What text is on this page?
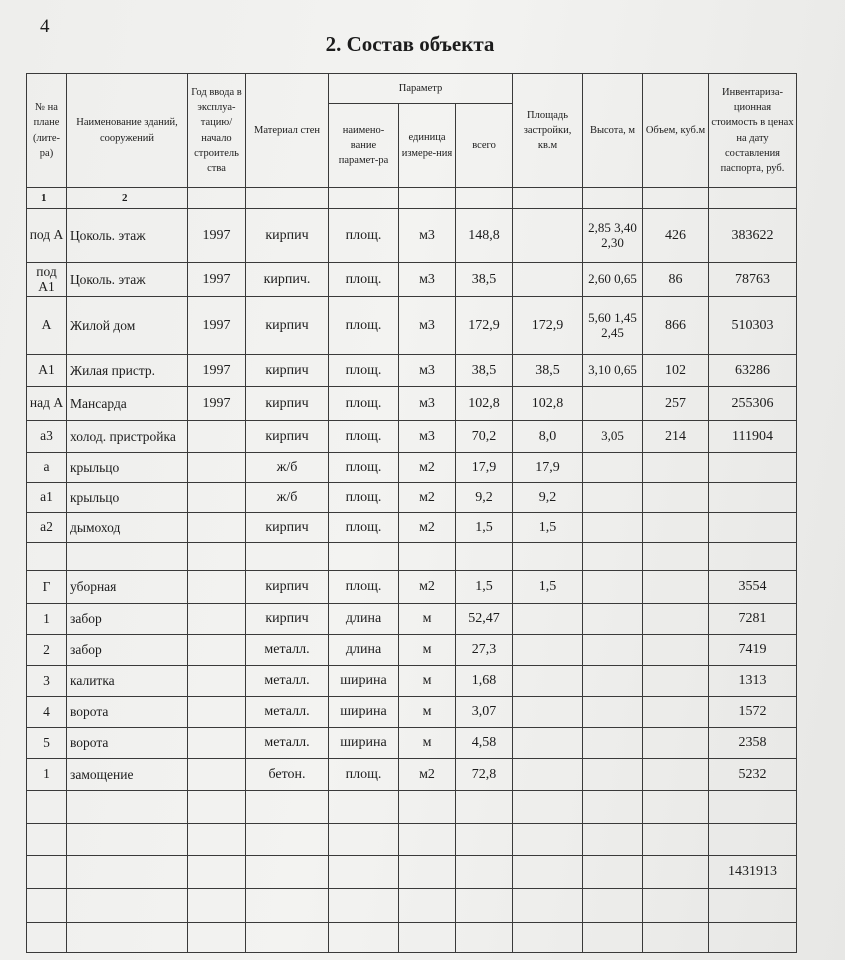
4
2. Состав объекта
№ на плане (лите-ра)	Наименование зданий, сооружений	Год ввода в эксплуа-тацию/ начало строитель ства	Материал стен	Параметр			Площадь застройки, кв.м	Высота, м	Объем, куб.м	Инвентариза-ционная стоимость в ценах на дату составления паспорта, руб.
				наимено-вание парамет-ра	единица измере-ния	всего				
1	2									
под А	Цоколь. этаж	1997	кирпич	площ.	м3	148,8		2,85 3,40 2,30	426	383622
под А1	Цоколь. этаж	1997	кирпич.	площ.	м3	38,5		2,60 0,65	86	78763
А	Жилой дом	1997	кирпич	площ.	м3	172,9	172,9	5,60 1,45 2,45	866	510303
А1	Жилая пристр.	1997	кирпич	площ.	м3	38,5	38,5	3,10 0,65	102	63286
над А	Мансарда	1997	кирпич	площ.	м3	102,8	102,8		257	255306
а3	холод. пристройка		кирпич	площ.	м3	70,2	8,0	3,05	214	111904
а	крыльцо		ж/б	площ.	м2	17,9	17,9			
а1	крыльцо		ж/б	площ.	м2	9,2	9,2			
а2	дымоход		кирпич	площ.	м2	1,5	1,5			

Г	уборная		кирпич	площ.	м2	1,5	1,5			3554
1	забор		кирпич	длина	м	52,47				7281
2	забор		металл.	длина	м	27,3				7419
3	калитка		металл.	ширина	м	1,68				1313
4	ворота		металл.	ширина	м	3,07				1572
5	ворота		металл.	ширина	м	4,58				2358
1	замощение		бетон.	площ.	м2	72,8				5232

										1431913
